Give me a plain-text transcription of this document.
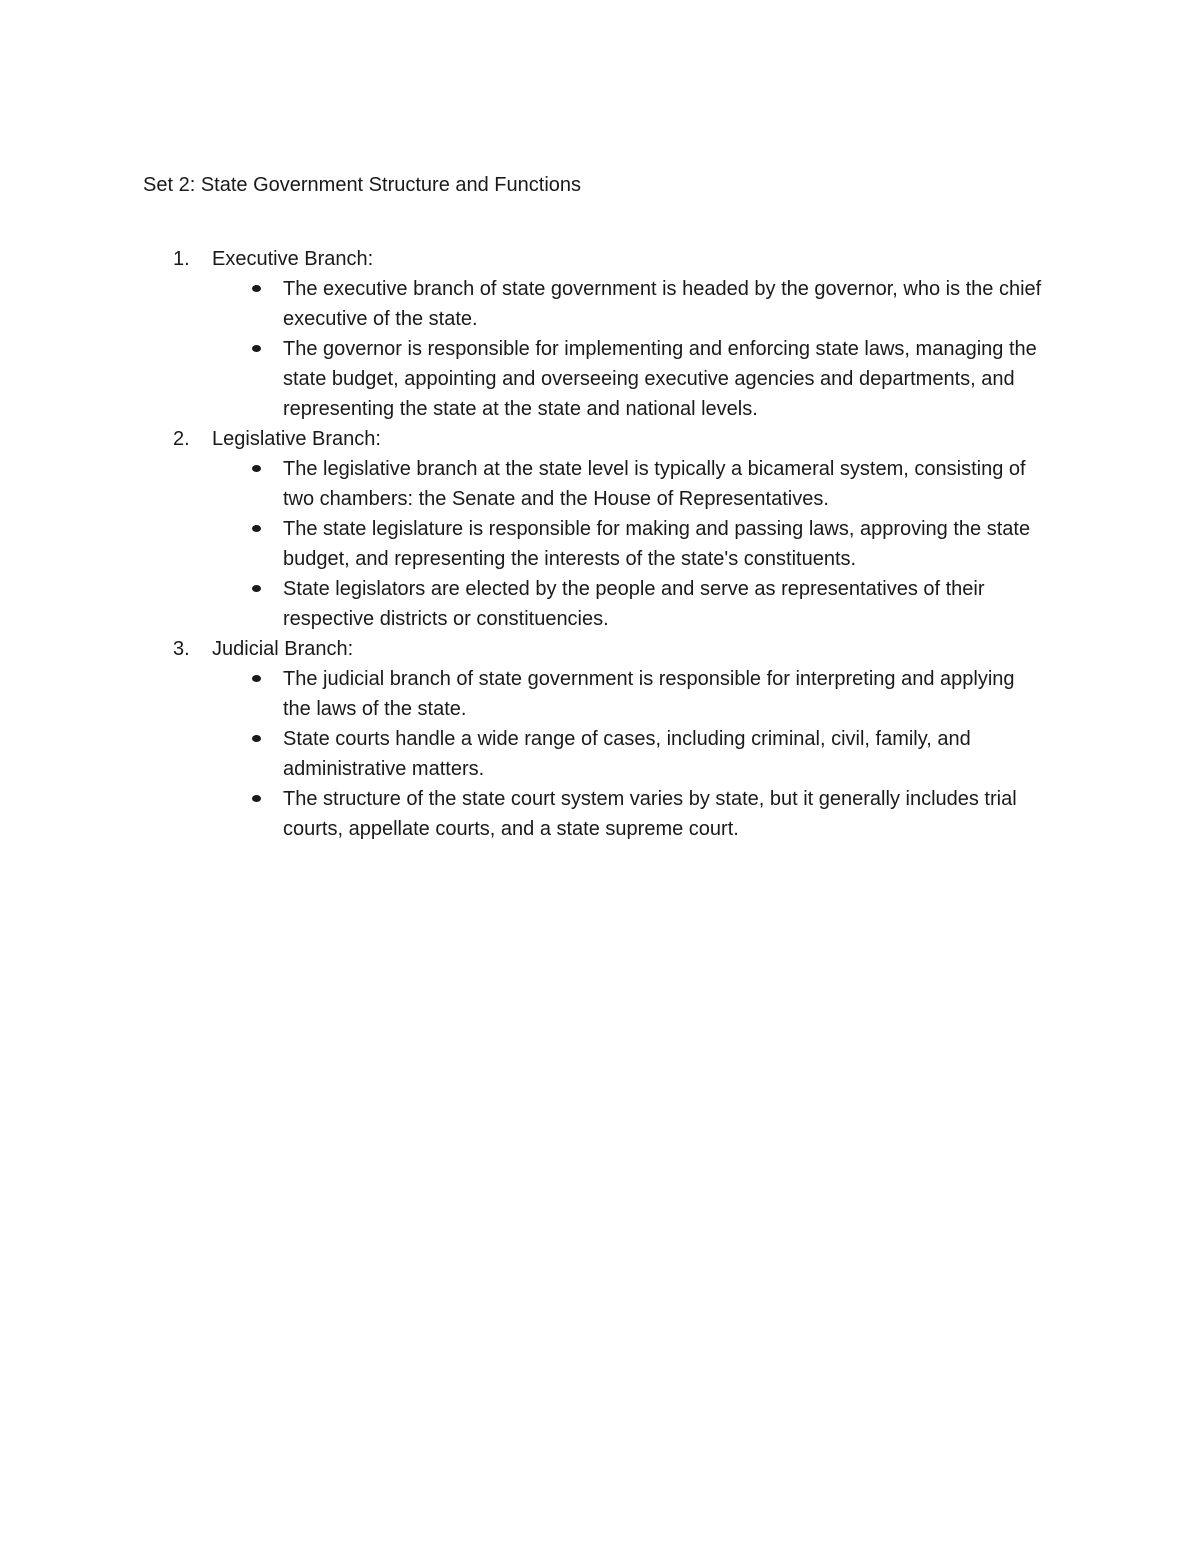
Set 2: State Government Structure and Functions
1.	Executive Branch:
The executive branch of state government is headed by the governor, who is the chief executive of the state.
The governor is responsible for implementing and enforcing state laws, managing the state budget, appointing and overseeing executive agencies and departments, and representing the state at the state and national levels.
2.	Legislative Branch:
The legislative branch at the state level is typically a bicameral system, consisting of two chambers: the Senate and the House of Representatives.
The state legislature is responsible for making and passing laws, approving the state budget, and representing the interests of the state's constituents.
State legislators are elected by the people and serve as representatives of their respective districts or constituencies.
3.	Judicial Branch:
The judicial branch of state government is responsible for interpreting and applying the laws of the state.
State courts handle a wide range of cases, including criminal, civil, family, and administrative matters.
The structure of the state court system varies by state, but it generally includes trial courts, appellate courts, and a state supreme court.
